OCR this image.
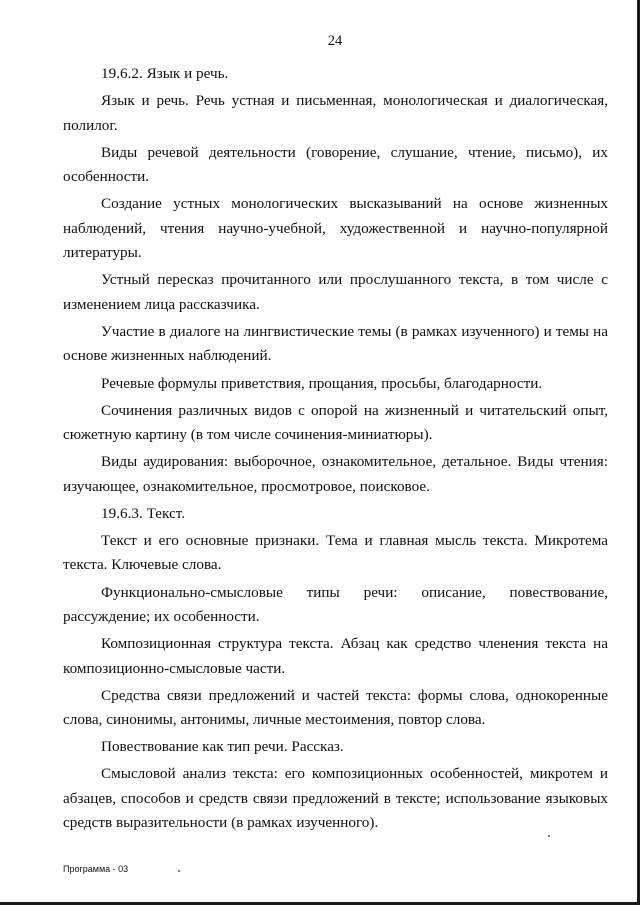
24

19.6.2. Язык и речь.

Язык и речь. Речь устная и письменная, монологическая и диалогическая, полилог.

Виды речевой деятельности (говорение, слушание, чтение, письмо), их особенности.

Создание устных монологических высказываний на основе жизненных наблюдений, чтения научно-учебной, художественной и научно-популярной литературы.

Устный пересказ прочитанного или прослушанного текста, в том числе с изменением лица рассказчика.

Участие в диалоге на лингвистические темы (в рамках изученного) и темы на основе жизненных наблюдений.

Речевые формулы приветствия, прощания, просьбы, благодарности.

Сочинения различных видов с опорой на жизненный и читательский опыт, сюжетную картину (в том числе сочинения-миниатюры).

Виды аудирования: выборочное, ознакомительное, детальное. Виды чтения: изучающее, ознакомительное, просмотровое, поисковое.

19.6.3. Текст.

Текст и его основные признаки. Тема и главная мысль текста. Микротема текста. Ключевые слова.

Функционально-смысловые типы речи: описание, повествование, рассуждение; их особенности.

Композиционная структура текста. Абзац как средство членения текста на композиционно-смысловые части.

Средства связи предложений и частей текста: формы слова, однокоренные слова, синонимы, антонимы, личные местоимения, повтор слова.

Повествование как тип речи. Рассказ.

Смысловой анализ текста: его композиционных особенностей, микротем и абзацев, способов и средств связи предложений в тексте; использование языковых средств выразительности (в рамках изученного).

Программа - 03
